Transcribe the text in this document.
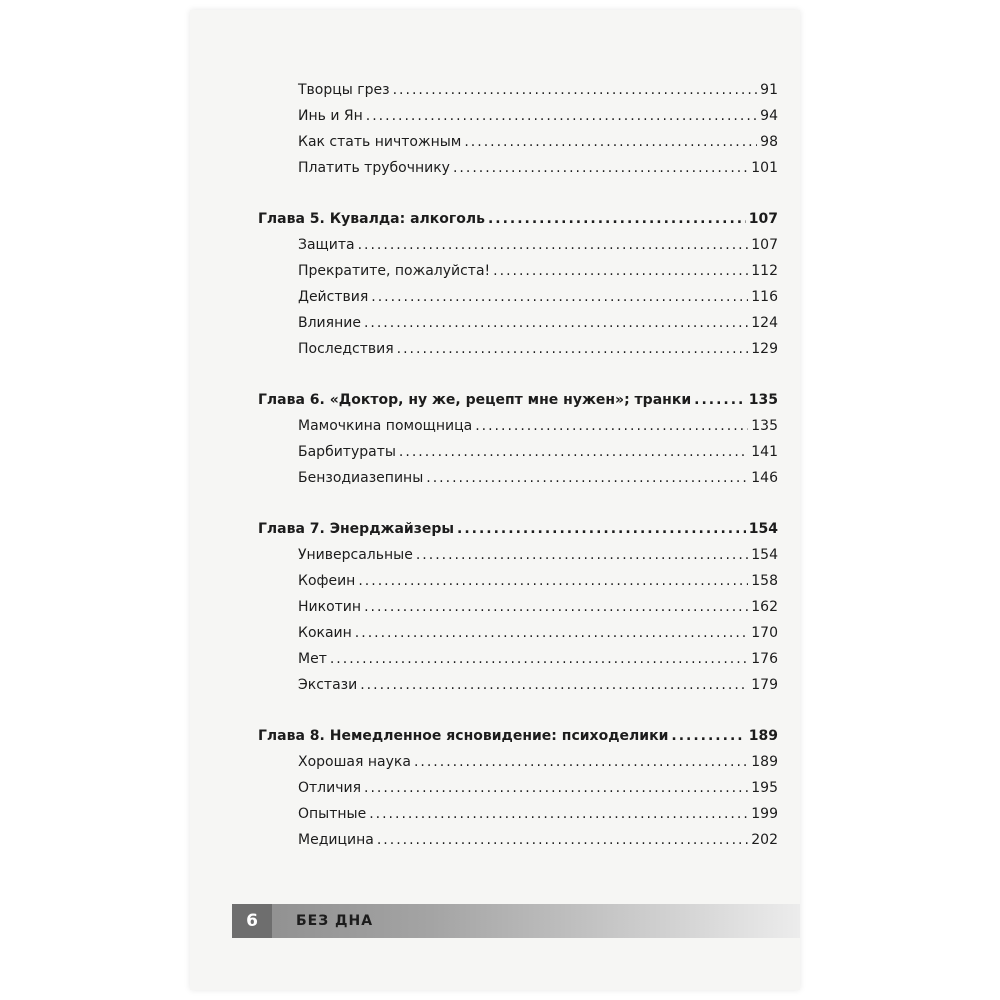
Творцы грез .....	91
Инь и Ян .....	94
Как стать ничтожным .....	98
Платить трубочнику .....	101
Глава 5. Кувалда: алкоголь .....	107
Защита .....	107
Прекратите, пожалуйста! .....	112
Действия .....	116
Влияние .....	124
Последствия .....	129
Глава 6. «Доктор, ну же, рецепт мне нужен»; транки .....	135
Мамочкина помощница .....	135
Барбитураты .....	141
Бензодиазепины .....	146
Глава 7. Энерджайзеры .....	154
Универсальные .....	154
Кофеин .....	158
Никотин .....	162
Кокаин .....	170
Мет .....	176
Экстази .....	179
Глава 8. Немедленное ясновидение: психоделики .....	189
Хорошая наука .....	189
Отличия .....	195
Опытные .....	199
Медицина .....	202
6	БЕЗ ДНА
